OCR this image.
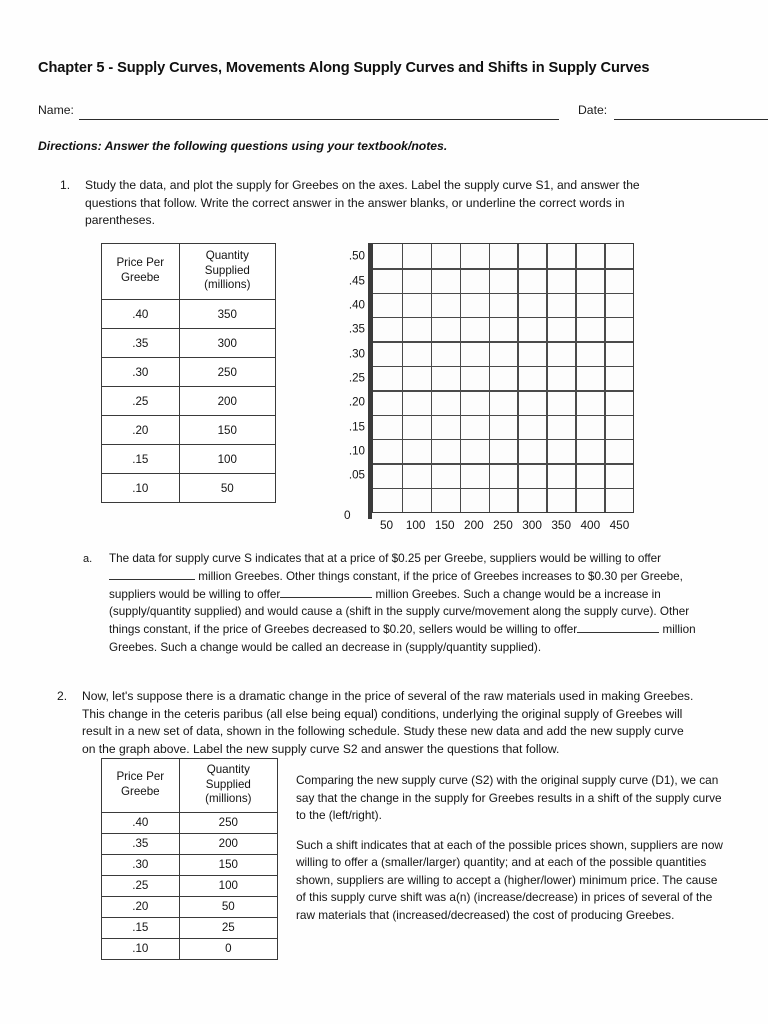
Chapter 5 - Supply Curves, Movements Along Supply Curves and Shifts in Supply Curves
Name:	Date:
Directions: Answer the following questions using your textbook/notes.
1.	Study the data, and plot the supply for Greebes on the axes. Label the supply curve S1, and answer the questions that follow. Write the correct answer in the answer blanks, or underline the correct words in parentheses.
Price Per
Greebe

Quantity
Supplied
(millions)

.40	350
.35	300
.30	250
.25	200
.20	150
.15	100
.10	50
.50
.45
.40
.35
.30
.25
.20
.15
.10
.05
50	100 150 200 250 300 350 400 450
0
a. The data for supply curve S indicates that at a price of $0.25 per Greebe, suppliers would be willing to offer million Greebes. Other things constant, if the price of Greebes increases to $0.30 per Greebe, suppliers would be willing to offer	million Greebes. Such a change would be a increase in (supply/quantity supplied) and would cause a (shift in the supply curve/movement along the supply curve). Other things constant, if the price of Greebes decreased to $0.20, sellers would be willing to offer	million Greebes. Such a change would be called an decrease in (supply/quantity supplied).
2.	Now, let's suppose there is a dramatic change in the price of several of the raw materials used in making Greebes. This change in the ceteris paribus (all else being equal) conditions, underlying the original supply of Greebes will result in a new set of data, shown in the following schedule. Study these new data and add the new supply curve on the graph above. Label the new supply curve S2 and answer the questions that follow.
Price Per
Greebe

Quantity
Supplied
(millions)

.40	250
.35	200
.30	150
.25	100
.20	50
.15	25
.10	0

Comparing the new supply curve (S2) with the original supply curve (D1), we can say that the change in the supply for Greebes results in a shift of the supply curve to the (left/right).

Such a shift indicates that at each of the possible prices shown, suppliers are now willing to offer a (smaller/larger) quantity; and at each of the possible quantities shown, suppliers are willing to accept a (higher/lower) minimum price. The cause of this supply curve shift was a(n) (increase/decrease) in prices of several of the raw materials that (increased/decreased) the cost of producing Greebes.
